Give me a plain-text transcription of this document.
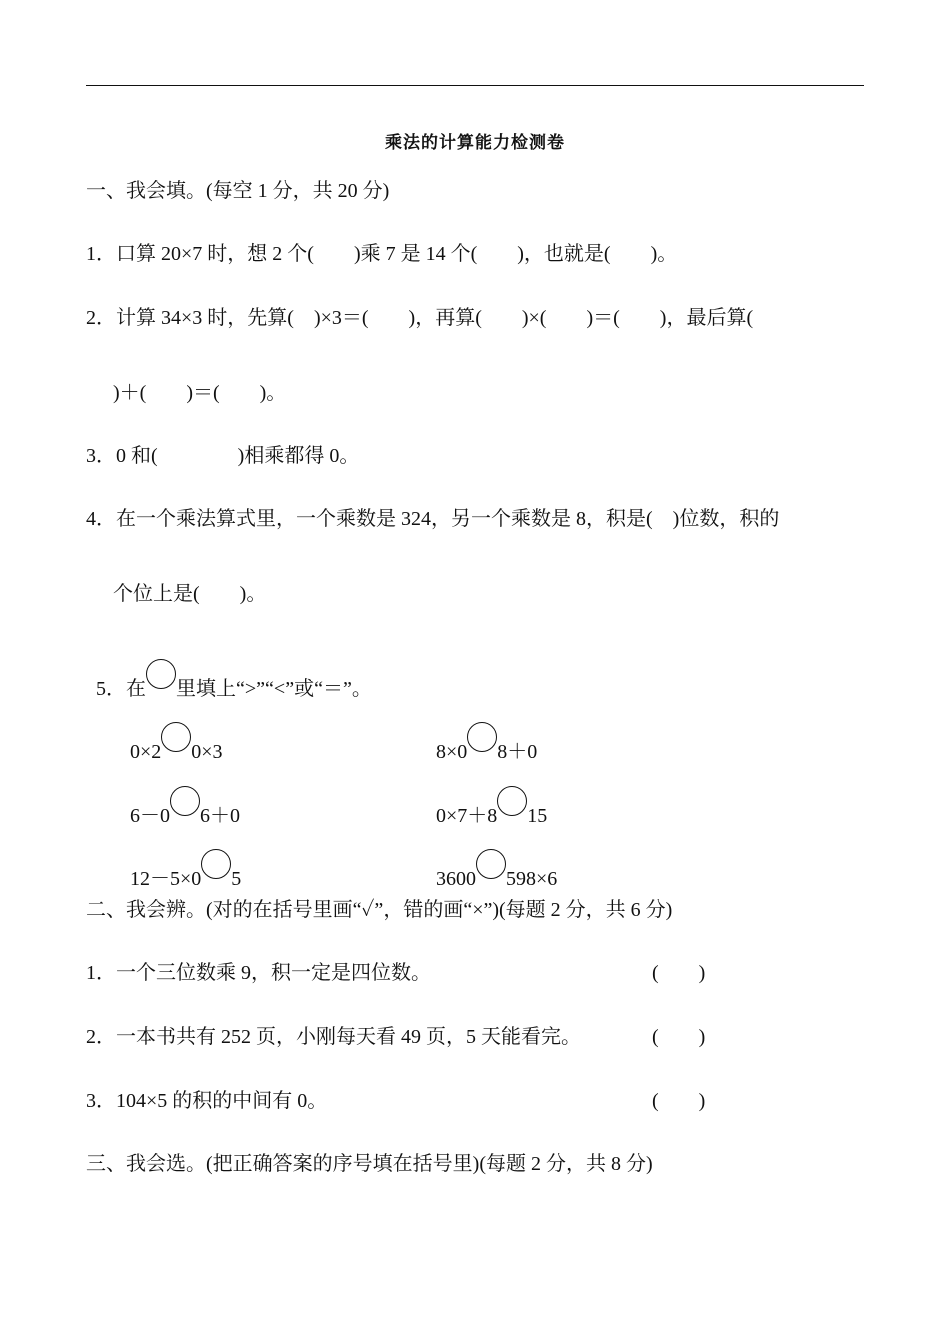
乘法的计算能力检测卷
一、我会填。(每空 1 分，共 20 分)
1．口算 20×7 时，想 2 个(　　)乘 7 是 14 个(　　)，也就是(　　)。
2．计算 34×3 时，先算(　)×3＝(　　)，再算(　　)×(　　)＝(　　)，最后算(
)＋(　　)＝(　　)。
3．0 和(　　　　)相乘都得 0。
4．在一个乘法算式里，一个乘数是 324，另一个乘数是 8，积是(　)位数，积的
个位上是(　　)。

5．在 里填上“>”“<”或“＝”。

0×2 0×3	8×0 8＋0

6－0 6＋0	0×7＋8 15

12－5×0 5	3600 598×6

二、我会辨。(对的在括号里画“✓”，错的画“×”)(每题 2 分，共 6 分)
1．一个三位数乘 9，积一定是四位数。	(　　)
2．一本书共有 252 页，小刚每天看 49 页，5 天能看完。	(　　)
3．104×5 的积的中间有 0。	(　　)
三、我会选。(把正确答案的序号填在括号里)(每题 2 分，共 8 分)
